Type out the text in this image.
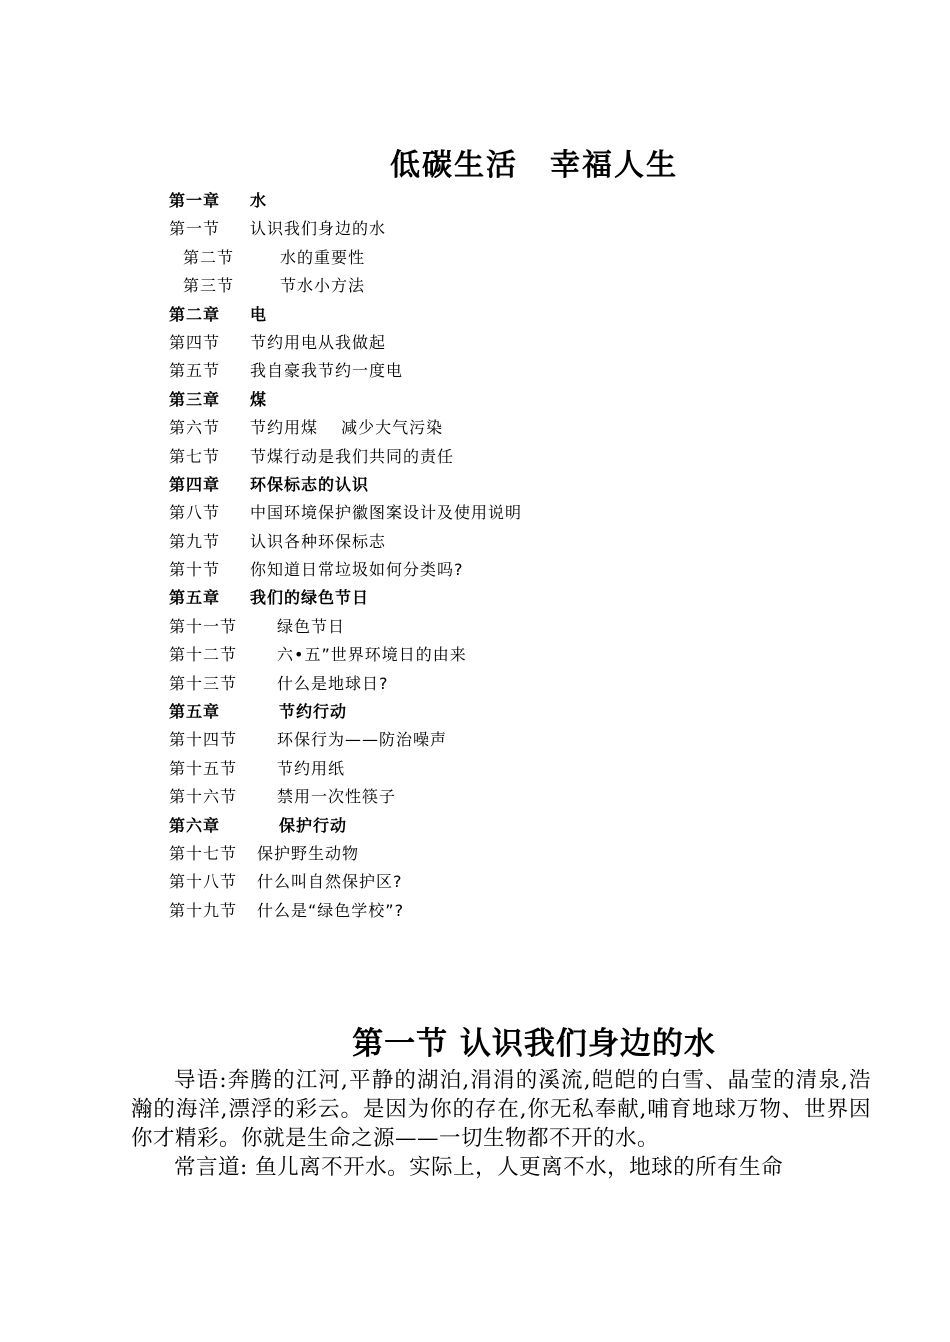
低碳生活　幸福人生
第一章 水
第一节 认识我们身边的水
第二节	水的重要性
第三节	节水小方法
第二章 电
第四节 节约用电从我做起
第五节 我自豪我节约一度电
第三章 煤
第六节 节约用煤　 减少大气污染
第七节 节煤行动是我们共同的责任
第四章 环保标志的认识
第八节 中国环境保护徽图案设计及使用说明
第九节 认识各种环保标志
第十节 你知道日常垃圾如何分类吗?
第五章 我们的绿色节日
第十一节	绿色节日
第十二节	六•五”世界环境日的由来
第十三节	什么是地球日?
第五章	节约行动
第十四节	环保行为——防治噪声
第十五节	节约用纸
第十六节	禁用一次性筷子
第六章	保护行动
第十七节 保护野生动物
第十八节 什么叫自然保护区?
第十九节 什么是“绿色学校”?
第一节 认识我们身边的水

导语:奔腾的江河,平静的湖泊,涓涓的溪流,皑皑的白雪、晶莹的清泉,浩瀚的海洋,漂浮的彩云。是因为你的存在,你无私奉献,哺育地球万物、世界因你才精彩。你就是生命之源——一切生物都不开的水。

常言道: 鱼儿离不开水。实际上，人更离不水，地球的所有生命
